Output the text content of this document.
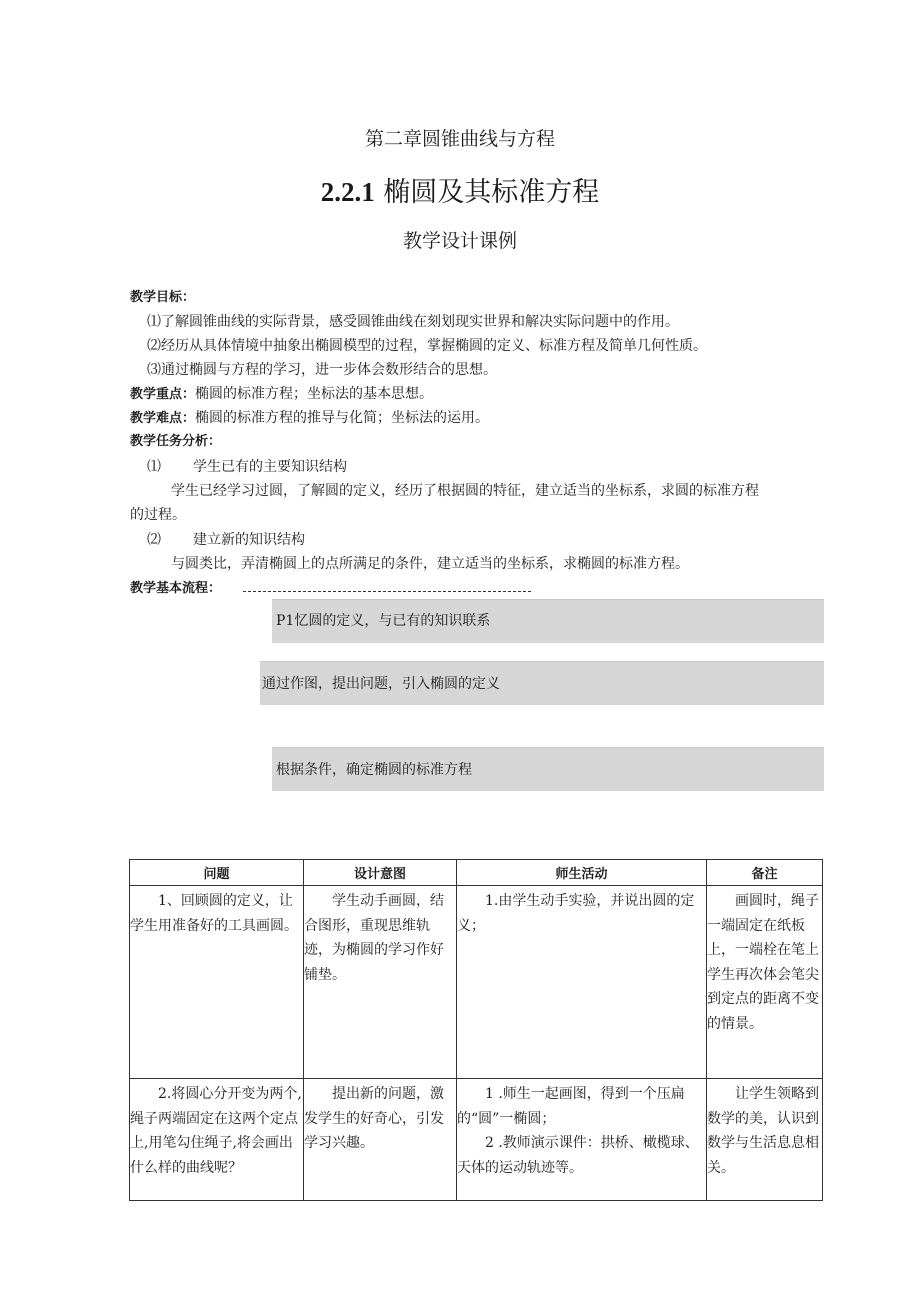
第二章圆锥曲线与方程
2.2.1 椭圆及其标准方程
教学设计课例
教学目标：
⑴了解圆锥曲线的实际背景，感受圆锥曲线在刻划现实世界和解决实际问题中的作用。
⑵经历从具体情境中抽象出椭圆模型的过程，掌握椭圆的定义、标准方程及简单几何性质。
⑶通过椭圆与方程的学习，进一步体会数形结合的思想。
教学重点：椭圆的标准方程；坐标法的基本思想。
教学难点：椭圆的标准方程的推导与化简；坐标法的运用。
教学任务分析：
⑴	学生已有的主要知识结构
学生已经学习过圆，了解圆的定义，经历了根据圆的特征，建立适当的坐标系，求圆的标准方程
的过程。
⑵	建立新的知识结构
与圆类比，弄清椭圆上的点所满足的条件，建立适当的坐标系，求椭圆的标准方程。
教学基本流程：
P1忆圆的定义，与已有的知识联系
通过作图，提出问题，引入椭圆的定义
根据条件，确定椭圆的标准方程
问题	设计意图	师生活动	备注

1、回顾圆的定义，让学生用准备好的工具画圆。	学生动手画圆，结合图形，重现思维轨迹，为椭圆的学习作好铺垫。	1.由学生动手实验，并说出圆的定义；	画圆时，绳子一端固定在纸板上，一端栓在笔上学生再次体会笔尖到定点的距离不变的情景。

2.将圆心分开变为两个,绳子两端固定在这两个定点上,用笔勾住绳子,将会画出什么样的曲线呢？	提出新的问题，激发学生的好奇心，引发学习兴趣。	1 .师生一起画图，得到一个压扁的“圆”一椭圆；
2 .教师演示课件：拱桥、橄榄球、天体的运动轨迹等。	让学生领略到数学的美，认识到数学与生活息息相关。
